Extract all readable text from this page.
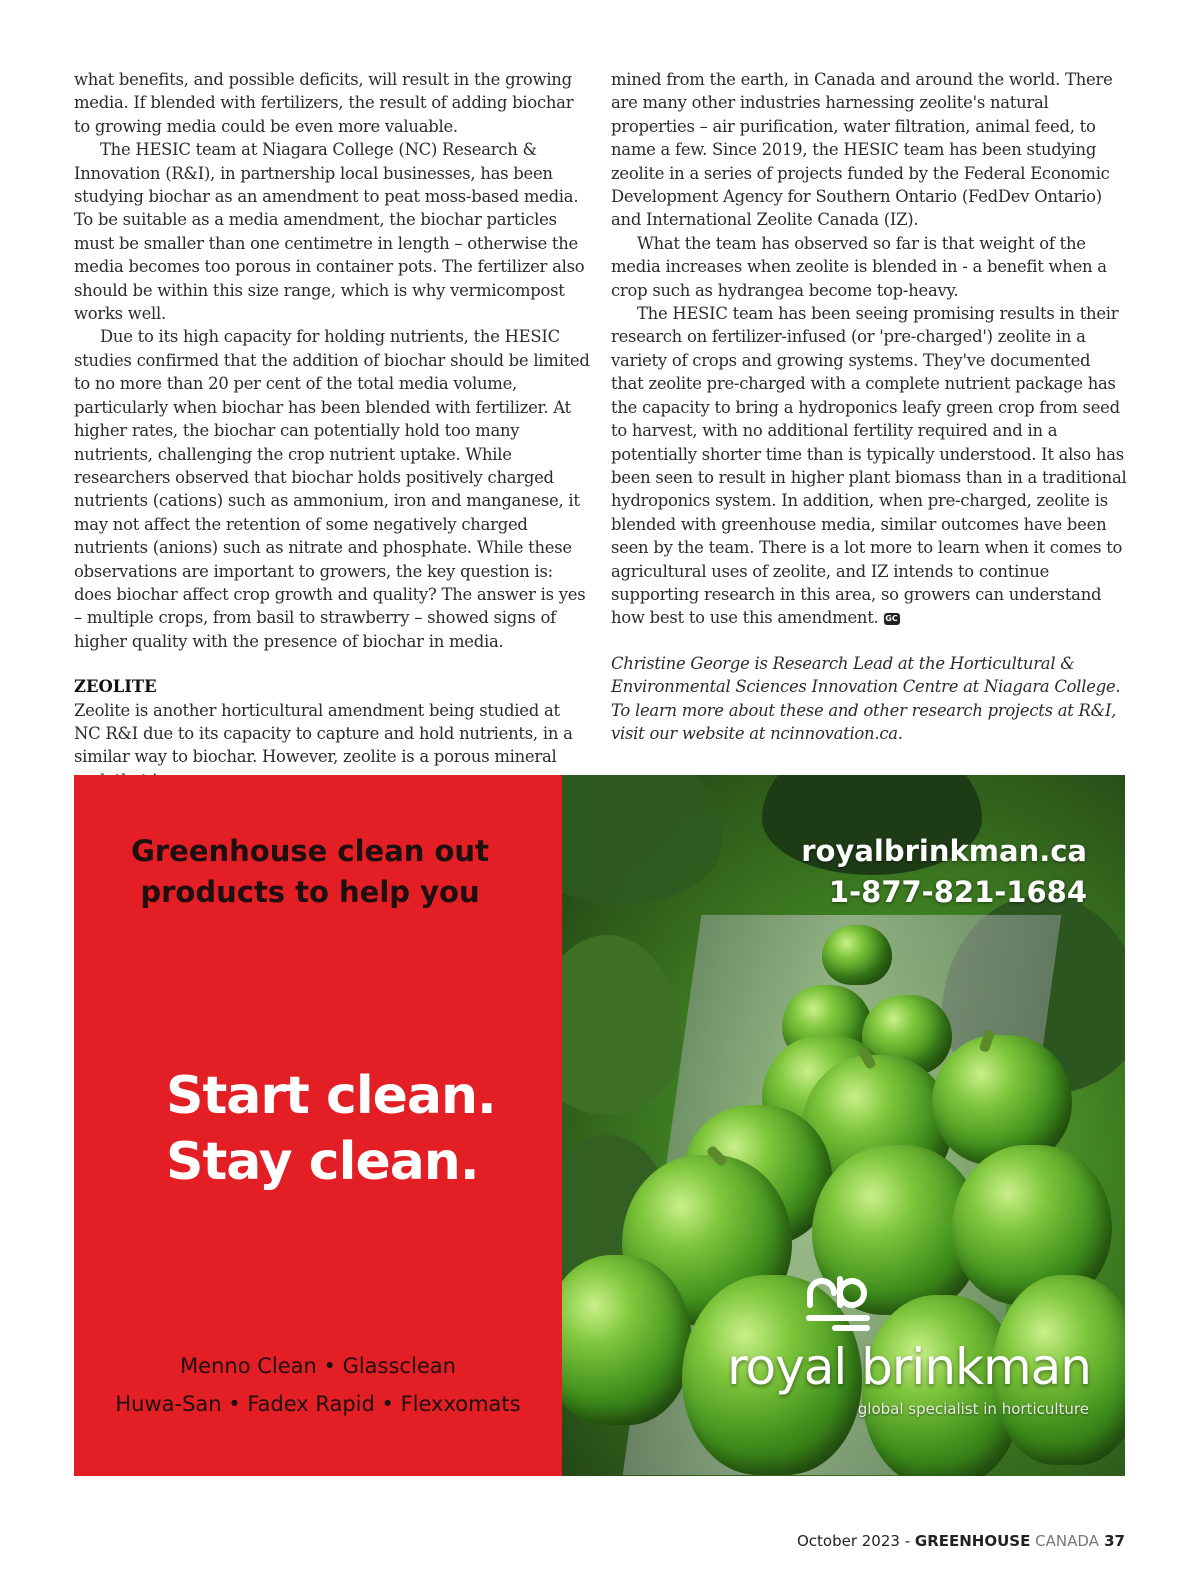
what benefits, and possible deficits, will result in the growing media. If blended with fertilizers, the result of adding biochar to growing media could be even more valuable.

The HESIC team at Niagara College (NC) Research & Innovation (R&I), in partnership local businesses, has been studying biochar as an amendment to peat moss-based media. To be suitable as a media amendment, the biochar particles must be smaller than one centimetre in length – otherwise the media becomes too porous in container pots. The fertilizer also should be within this size range, which is why vermicompost works well.

Due to its high capacity for holding nutrients, the HESIC studies confirmed that the addition of biochar should be limited to no more than 20 per cent of the total media volume, particularly when biochar has been blended with fertilizer. At higher rates, the biochar can potentially hold too many nutrients, challenging the crop nutrient uptake. While researchers observed that biochar holds positively charged nutrients (cations) such as ammonium, iron and manganese, it may not affect the retention of some negatively charged nutrients (anions) such as nitrate and phosphate. While these observations are important to growers, the key question is: does biochar affect crop growth and quality? The answer is yes – multiple crops, from basil to strawberry – showed signs of higher quality with the presence of biochar in media.

ZEOLITE

Zeolite is another horticultural amendment being studied at NC R&I due to its capacity to capture and hold nutrients, in a similar way to biochar. However, zeolite is a porous mineral

mined from the earth, in Canada and around the world. There are many other industries harnessing zeolite's natural properties – air purification, water filtration, animal feed, to name a few. Since 2019, the HESIC team has been studying zeolite in a series of projects funded by the Federal Economic Development Agency for Southern Ontario (FedDev Ontario) and International Zeolite Canada (IZ).

What the team has observed so far is that weight of the media increases when zeolite is blended in - a benefit when a crop such as hydrangea become top-heavy.

The HESIC team has been seeing promising results in their research on fertilizer-infused (or 'pre-charged') zeolite in a variety of crops and growing systems. They've documented that zeolite pre-charged with a complete nutrient package has the capacity to bring a hydroponics leafy green crop from seed to harvest, with no additional fertility required and in a potentially shorter time than is typically understood. It also has been seen to result in higher plant biomass than in a traditional hydroponics system. In addition, when pre-charged, zeolite is blended with greenhouse media, similar outcomes have been seen by the team. There is a lot more to learn when it comes to agricultural uses of zeolite, and IZ intends to continue supporting research in this area, so growers can understand how best to use this amendment. GC

Christine George is Research Lead at the Horticultural & Environmental Sciences Innovation Centre at Niagara College. To learn more about these and other research projects at R&I, visit our website at ncinnovation.ca.

Greenhouse clean out
products to help you
Start clean.
Stay clean.
Menno Clean • Glassclean
Huwa-San • Fadex Rapid • Flexxomats
royalbrinkman.ca
1-877-821-1684
royal brinkman
global specialist in horticulture
October 2023 - GREENHOUSE CANADA 37
